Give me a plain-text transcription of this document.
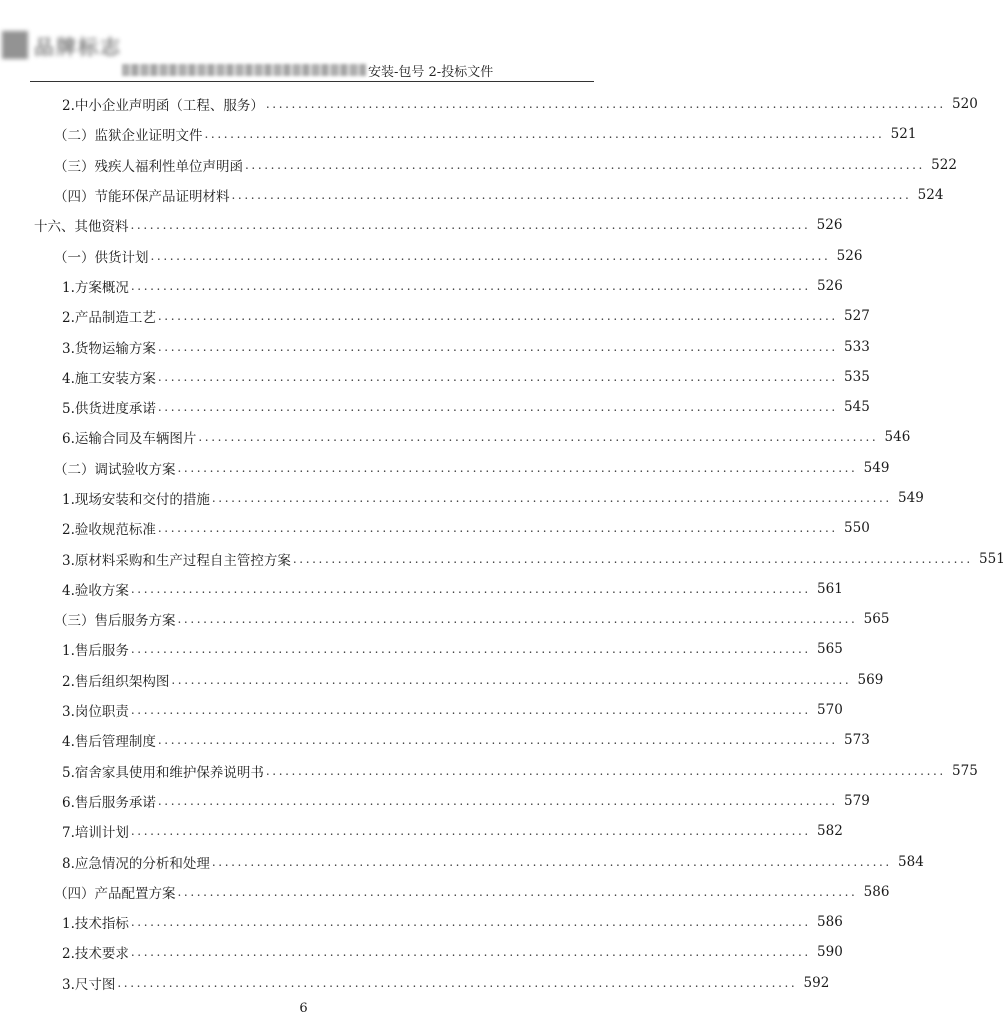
品牌标志
安装-包号 2-投标文件
2.中小企业声明函（工程、服务） .......................................................................................................... 520
（二）监狱企业证明文件 .......................................................................................................... 521
（三）残疾人福利性单位声明函 .......................................................................................................... 522
（四）节能环保产品证明材料 .......................................................................................................... 524
十六、其他资料 .......................................................................................................... 526
（一）供货计划 .......................................................................................................... 526
1.方案概况 .......................................................................................................... 526
2.产品制造工艺 .......................................................................................................... 527
3.货物运输方案 .......................................................................................................... 533
4.施工安装方案 .......................................................................................................... 535
5.供货进度承诺 .......................................................................................................... 545
6.运输合同及车辆图片 .......................................................................................................... 546
（二）调试验收方案 .......................................................................................................... 549
1.现场安装和交付的措施 .......................................................................................................... 549
2.验收规范标准 .......................................................................................................... 550
3.原材料采购和生产过程自主管控方案 .......................................................................................................... 551
4.验收方案 .......................................................................................................... 561
（三）售后服务方案 .......................................................................................................... 565
1.售后服务 .......................................................................................................... 565
2.售后组织架构图 .......................................................................................................... 569
3.岗位职责 .......................................................................................................... 570
4.售后管理制度 .......................................................................................................... 573
5.宿舍家具使用和维护保养说明书 .......................................................................................................... 575
6.售后服务承诺 .......................................................................................................... 579
7.培训计划 .......................................................................................................... 582
8.应急情况的分析和处理 .......................................................................................................... 584
（四）产品配置方案 .......................................................................................................... 586
1.技术指标 .......................................................................................................... 586
2.技术要求 .......................................................................................................... 590
3.尺寸图 .......................................................................................................... 592
6
